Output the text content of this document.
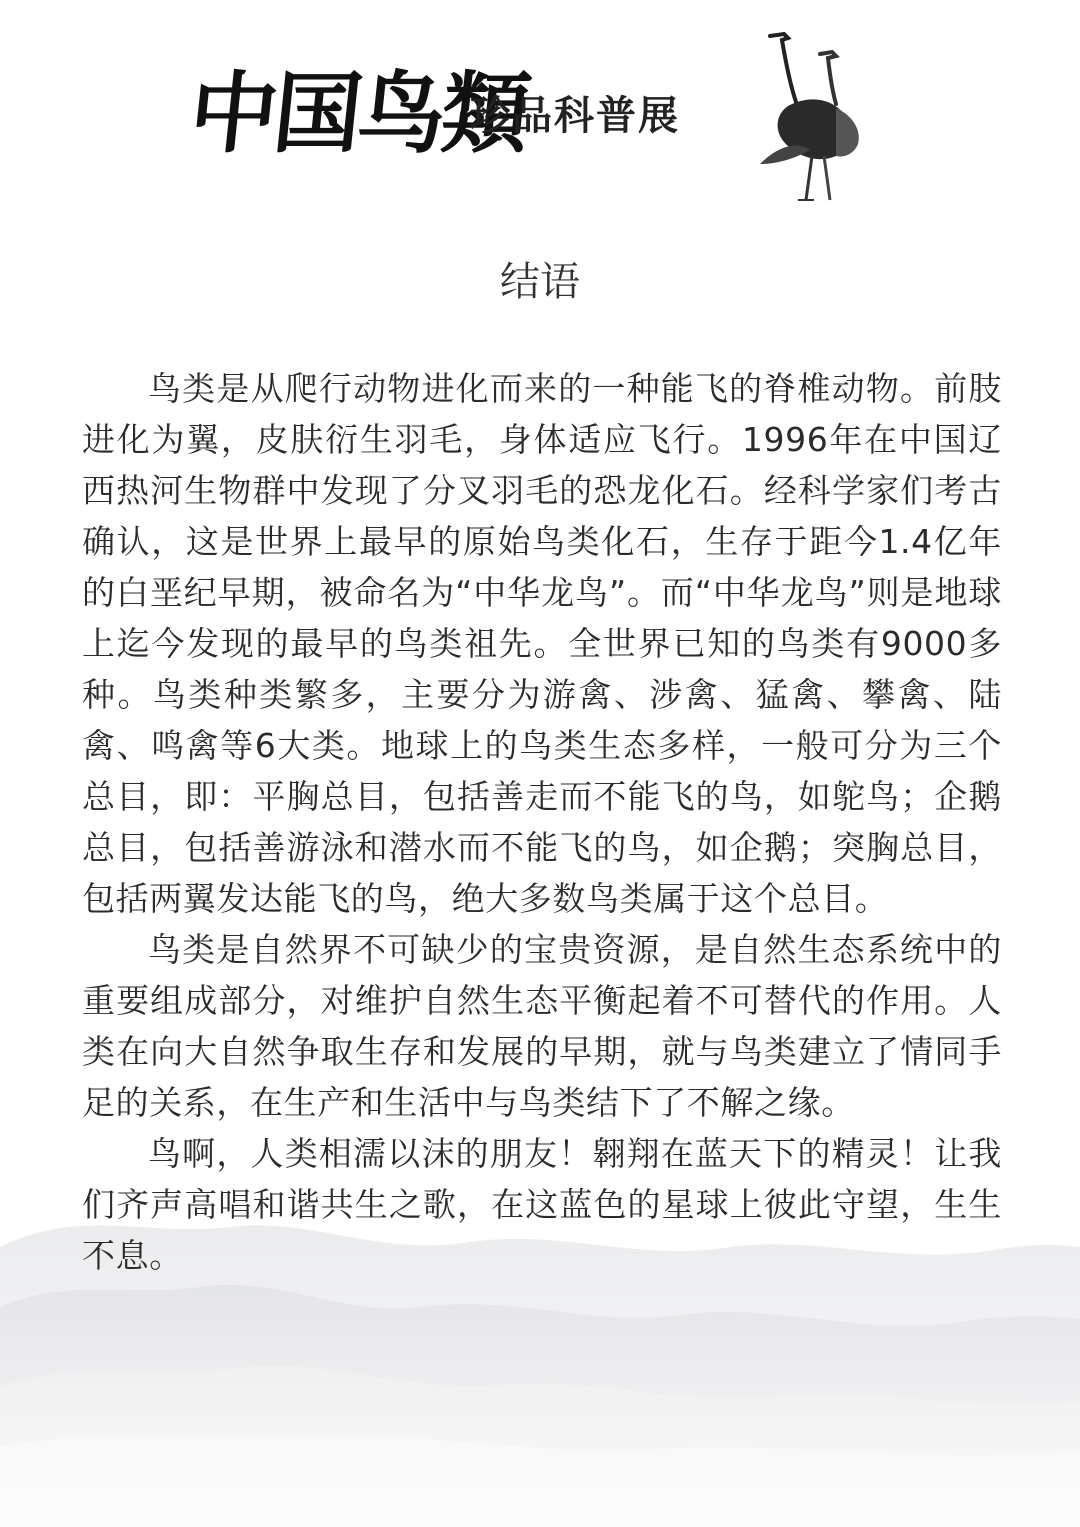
中国鸟類
珍品科普展
结语

鸟类是从爬行动物进化而来的一种能飞的脊椎动物。前肢进化为翼，皮肤衍生羽毛，身体适应飞行。1996年在中国辽西热河生物群中发现了分叉羽毛的恐龙化石。经科学家们考古确认，这是世界上最早的原始鸟类化石，生存于距今1.4亿年的白垩纪早期，被命名为“中华龙鸟”。而“中华龙鸟”则是地球上迄今发现的最早的鸟类祖先。全世界已知的鸟类有9000多种。鸟类种类繁多，主要分为游禽、涉禽、猛禽、攀禽、陆禽、鸣禽等6大类。地球上的鸟类生态多样，一般可分为三个总目，即：平胸总目，包括善走而不能飞的鸟，如鸵鸟；企鹅总目，包括善游泳和潜水而不能飞的鸟，如企鹅；突胸总目，包括两翼发达能飞的鸟，绝大多数鸟类属于这个总目。

鸟类是自然界不可缺少的宝贵资源，是自然生态系统中的重要组成部分，对维护自然生态平衡起着不可替代的作用。人类在向大自然争取生存和发展的早期，就与鸟类建立了情同手足的关系，在生产和生活中与鸟类结下了不解之缘。

鸟啊，人类相濡以沫的朋友！翱翔在蓝天下的精灵！让我们齐声高唱和谐共生之歌，在这蓝色的星球上彼此守望，生生不息。
